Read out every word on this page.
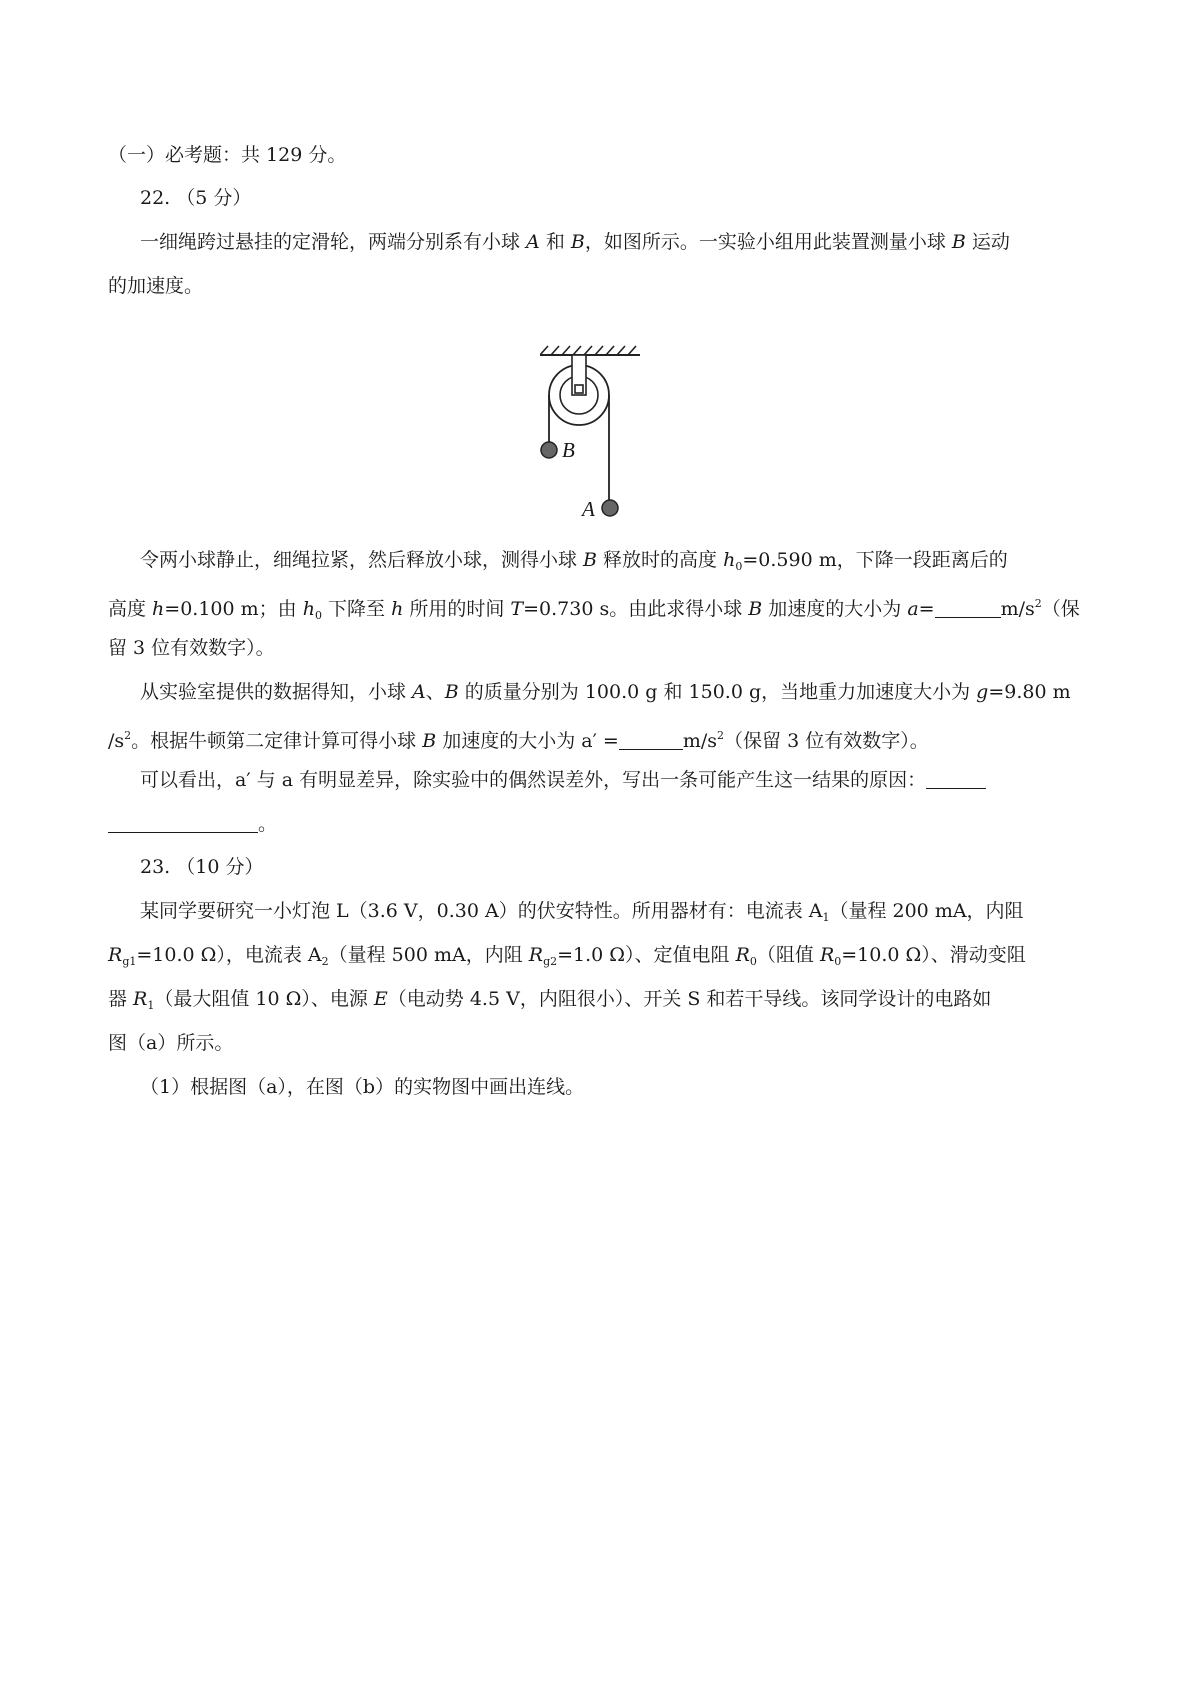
（一）必考题：共 129 分。
22. （5 分）
一细绳跨过悬挂的定滑轮，两端分别系有小球 A 和 B，如图所示。一实验小组用此装置测量小球 B 运动
的加速度。
B
A
令两小球静止，细绳拉紧，然后释放小球，测得小球 B 释放时的高度 $h_0=0.590$ m，下降一段距离后的
高度 h=0.100 m；由 $h_0$ 下降至 h 所用的时间 T=0.730 s。由此求得小球 B 加速度的大小为 a=	$m/s^2$（保
留 3 位有效数字）。
从实验室提供的数据得知，小球 A、B 的质量分别为 100.0 g 和 150.0 g，当地重力加速度大小为 g=9.80 m
$/s^2$。根据牛顿第二定律计算可得小球 B 加速度的大小为 a′ =	$m/s^2$（保留 3 位有效数字）。
可以看出，a′ 与 a 有明显差异，除实验中的偶然误差外，写出一条可能产生这一结果的原因：
。
23. （10 分）
某同学要研究一小灯泡 L（3.6 V，0.30 A）的伏安特性。所用器材有：电流表 $A_1$（量程 200 mA，内阻
$R_{g1}=10.0$ Ω），电流表 $A_2$（量程 500 mA，内阻 $R_{g2}=1.0$ Ω）、定值电阻 $R_0$（阻值 $R_0=10.0$ Ω）、滑动变阻
器 $R_1$（最大阻值 10 Ω）、电源 E（电动势 4.5 V，内阻很小）、开关 S 和若干导线。该同学设计的电路如
图（a）所示。
（1）根据图（a），在图（b）的实物图中画出连线。
